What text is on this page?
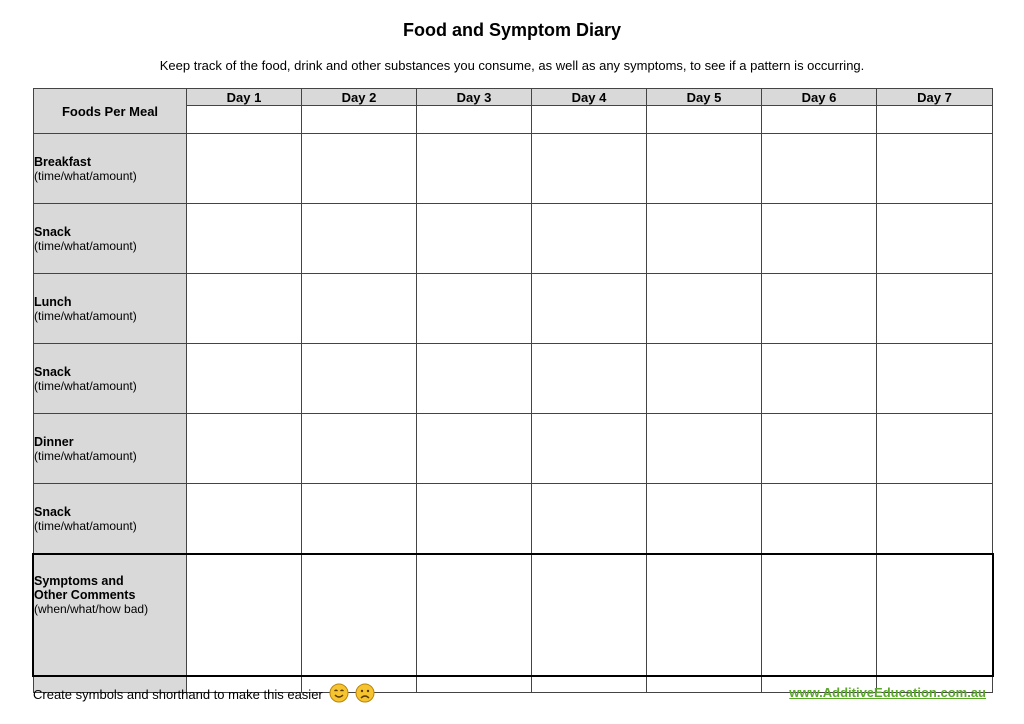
Food and Symptom Diary
Keep track of the food, drink and other substances you consume, as well as any symptoms, to see if a pattern is occurring.
Foods Per Meal	Day 1	Day 2	Day 3	Day 4	Day 5	Day 6	Day 7

Breakfast
(time/what/amount)							

Snack
(time/what/amount)							

Lunch
(time/what/amount)							

Snack
(time/what/amount)							

Dinner
(time/what/amount)							

Snack
(time/what/amount)							

Symptoms and
Other Comments
(when/what/how bad)							

Create symbols and shorthand to make this easier	www.AdditiveEducation.com.au
